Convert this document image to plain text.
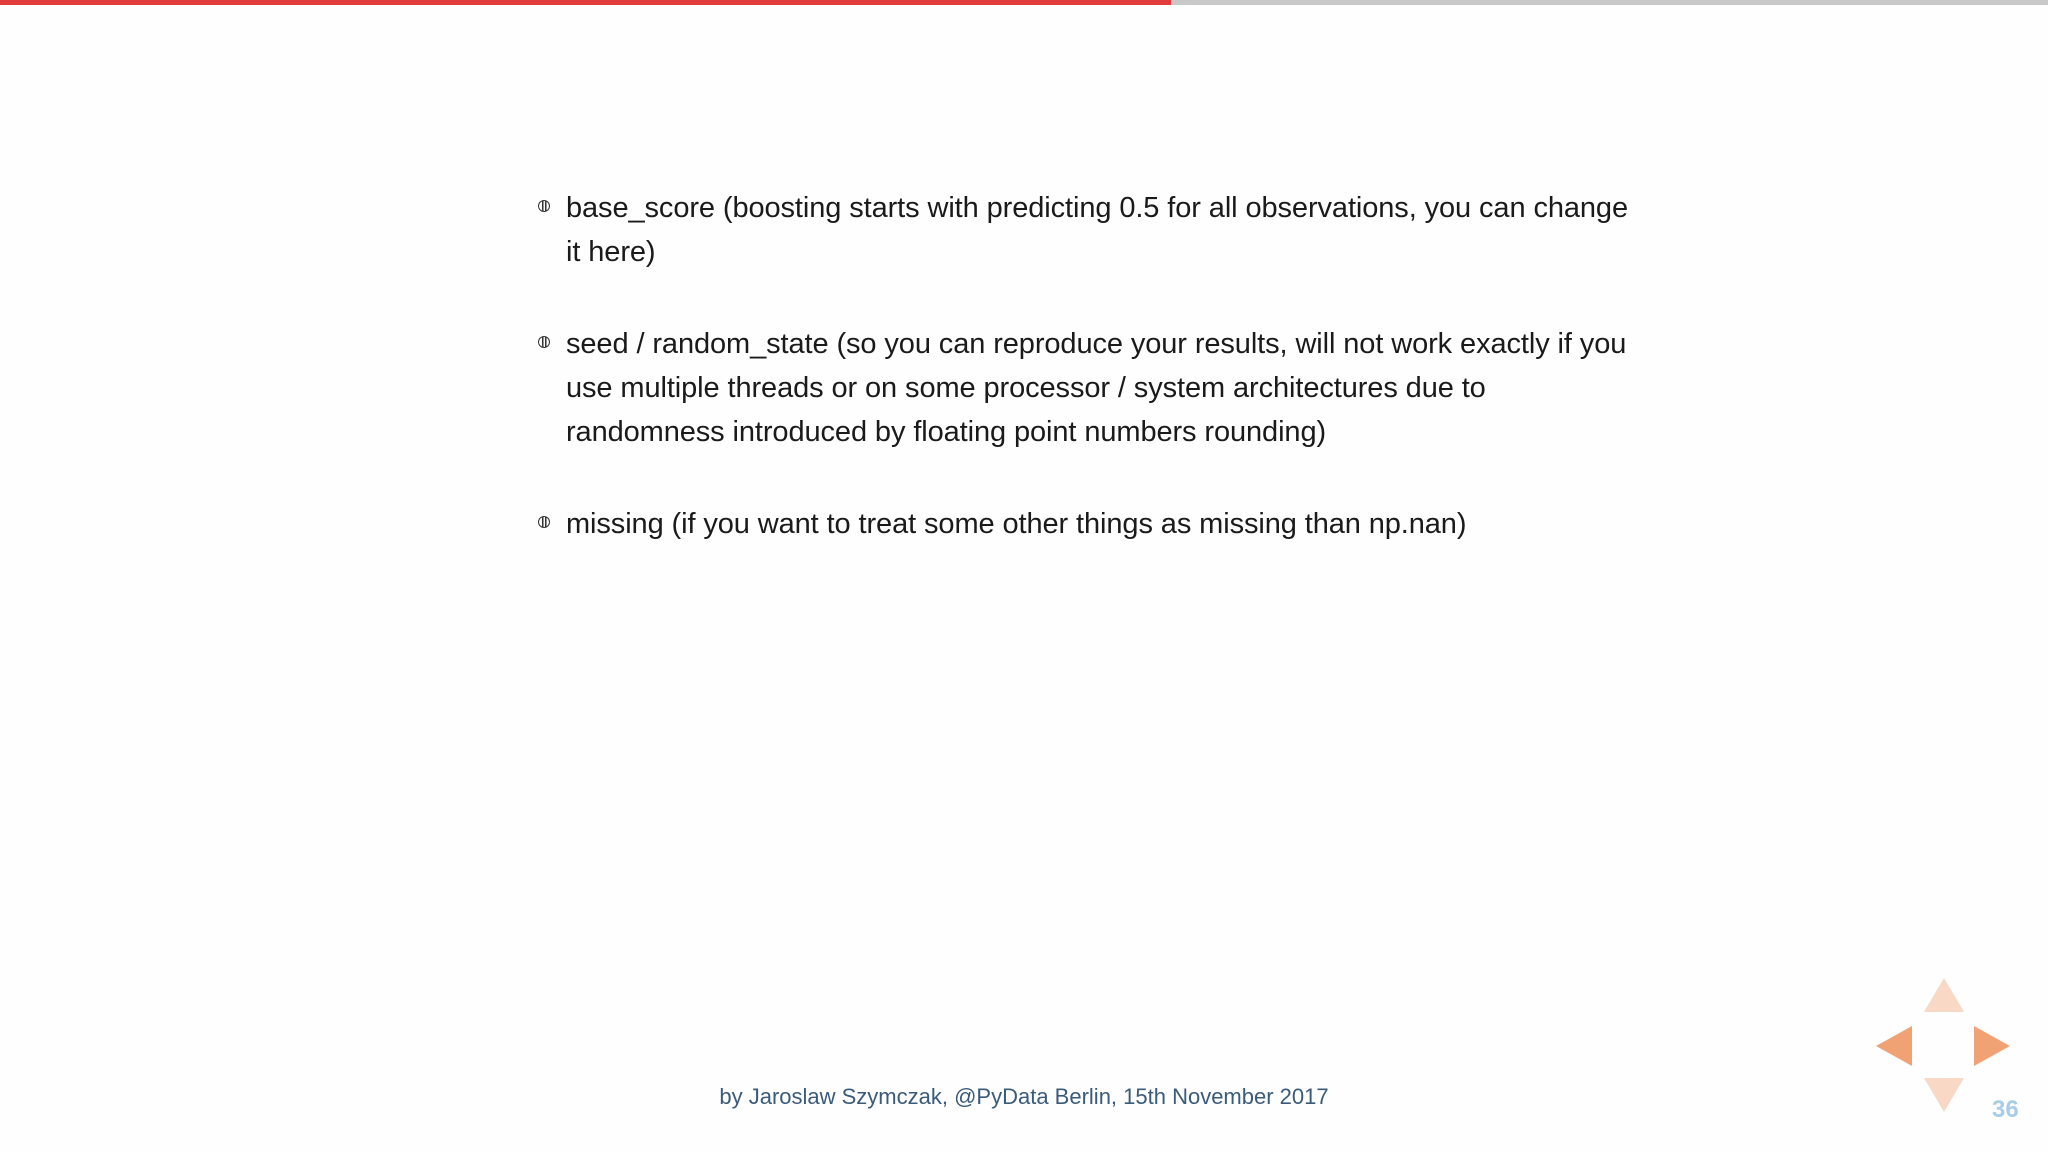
base_score (boosting starts with predicting 0.5 for all observations, you can change it here)
seed / random_state (so you can reproduce your results, will not work exactly if you use multiple threads or on some processor / system architectures due to randomness introduced by floating point numbers rounding)
missing (if you want to treat some other things as missing than np.nan)
by Jaroslaw Szymczak, @PyData Berlin, 15th November 2017	36
